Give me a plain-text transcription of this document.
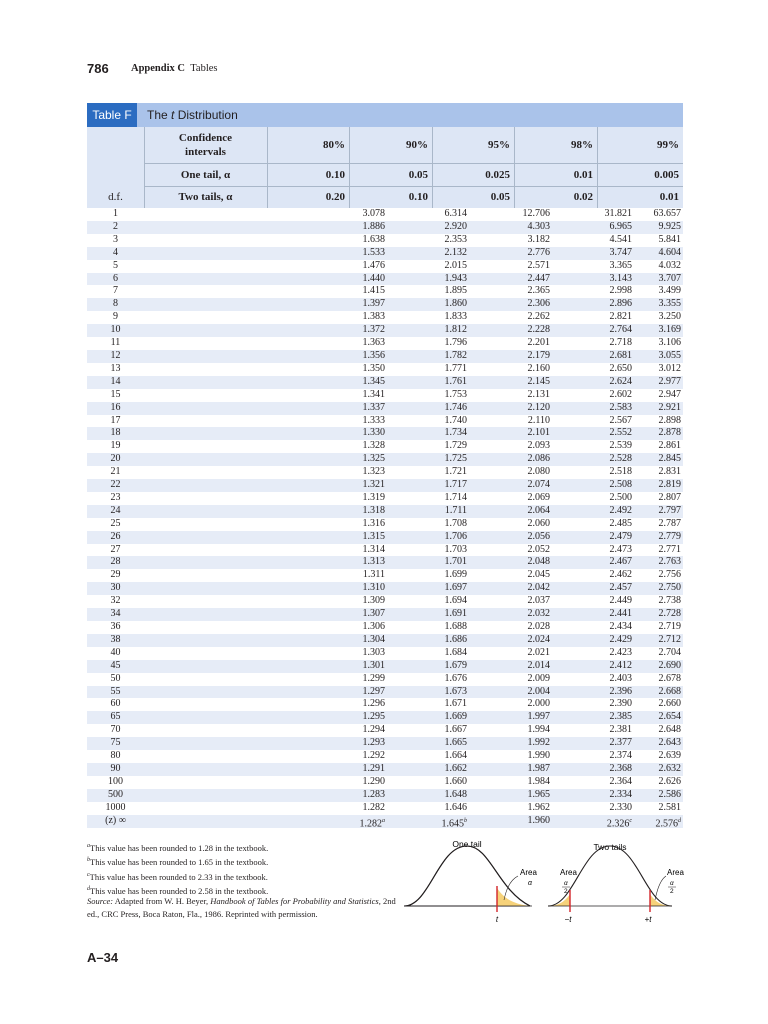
786 Appendix C Tables
Table F	The
t
Distribution
Confidence
intervals
One tail, α
Two tails, α
d.f.
80%	90%	95%	98%	99%
0.10	0.05	0.025	0.01	0.005
0.20	0.10	0.05	0.02	0.01
1	3.078	6.314	12.706	31.821 63.657
2	1.886	2.920	4.303	6.965	9.925
3	1.638	2.353	3.182	4.541	5.841
4	1.533	2.132	2.776	3.747	4.604
5	1.476	2.015	2.571	3.365	4.032
6	1.440	1.943	2.447	3.143	3.707
7	1.415	1.895	2.365	2.998	3.499
8	1.397	1.860	2.306	2.896	3.355
9	1.383	1.833	2.262	2.821	3.250
10	1.372	1.812	2.228	2.764	3.169
11	1.363	1.796	2.201	2.718	3.106
12	1.356	1.782	2.179	2.681	3.055
13	1.350	1.771	2.160	2.650	3.012
14	1.345	1.761	2.145	2.624	2.977
15	1.341	1.753	2.131	2.602	2.947
16	1.337	1.746	2.120	2.583	2.921
17	1.333	1.740	2.110	2.567	2.898
18	1.330	1.734	2.101	2.552	2.878
19	1.328	1.729	2.093	2.539	2.861
20	1.325	1.725	2.086	2.528	2.845
21	1.323	1.721	2.080	2.518	2.831
22	1.321	1.717	2.074	2.508	2.819
23	1.319	1.714	2.069	2.500	2.807
24	1.318	1.711	2.064	2.492	2.797
25	1.316	1.708	2.060	2.485	2.787
26	1.315	1.706	2.056	2.479	2.779
27	1.314	1.703	2.052	2.473	2.771
28	1.313	1.701	2.048	2.467	2.763
29	1.311	1.699	2.045	2.462	2.756
30	1.310	1.697	2.042	2.457	2.750
32	1.309	1.694	2.037	2.449	2.738
34	1.307	1.691	2.032	2.441	2.728
36	1.306	1.688	2.028	2.434	2.719
38	1.304	1.686	2.024	2.429	2.712
40	1.303	1.684	2.021	2.423	2.704
45	1.301	1.679	2.014	2.412	2.690
50	1.299	1.676	2.009	2.403	2.678
55	1.297	1.673	2.004	2.396	2.668
60	1.296	1.671	2.000	2.390	2.660
65	1.295	1.669	1.997	2.385	2.654
70	1.294	1.667	1.994	2.381	2.648
75	1.293	1.665	1.992	2.377	2.643
80	1.292	1.664	1.990	2.374	2.639
90	1.291	1.662	1.987	2.368	2.632
100	1.290	1.660	1.984	2.364	2.626
500	1.283	1.648	1.965	2.334	2.586
1000	1.282	1.646	1.962	2.330	2.581
(z) ∞	1.282$^a$	1.645$^b$	1.960	2.326$^c$ 2.576$^d$
$^a$This value has been rounded to 1.28 in the textbook.
$^b$This value has been rounded to 1.65 in the textbook.
$^c$This value has been rounded to 2.33 in the textbook.
$^d$This value has been rounded to 2.58 in the textbook.
Source: Adapted from W. H. Beyer, Handbook of Tables for Probability and Statistics, 2nd ed., CRC Press, Boca Raton, Fla., 1986. Reprinted with permission.
One tail	Two tails
t
Area
α
−t	+t
Area
α
2
Area
α
2
A–34
